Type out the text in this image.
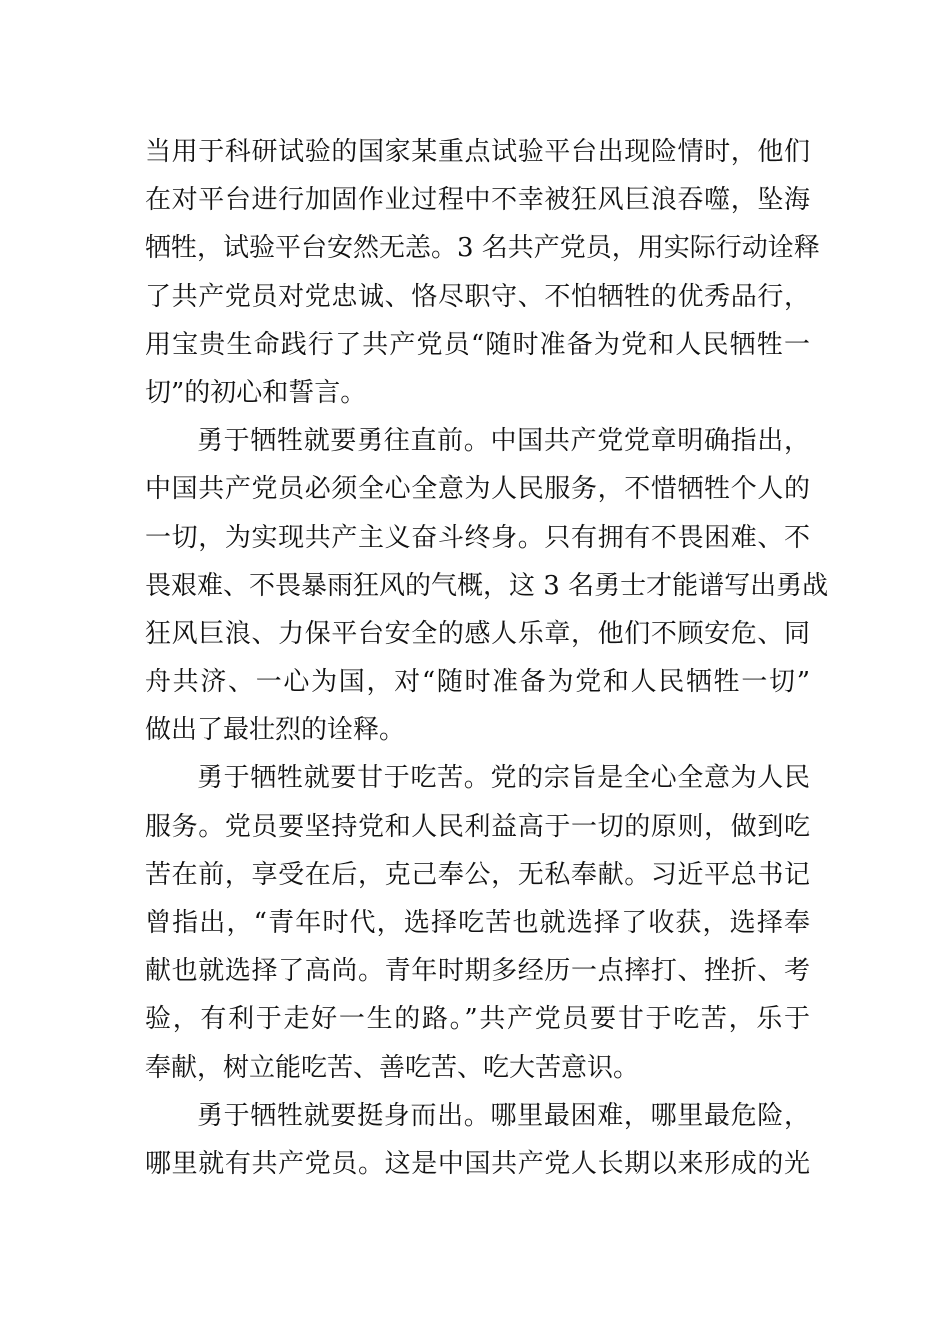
当用于科研试验的国家某重点试验平台出现险情时，他们
在对平台进行加固作业过程中不幸被狂风巨浪吞噬，坠海
牺牲，试验平台安然无恙。3 名共产党员，用实际行动诠释
了共产党员对党忠诚、恪尽职守、不怕牺牲的优秀品行，
用宝贵生命践行了共产党员“随时准备为党和人民牺牲一
切”的初心和誓言。
勇于牺牲就要勇往直前。中国共产党党章明确指出，
中国共产党员必须全心全意为人民服务，不惜牺牲个人的
一切，为实现共产主义奋斗终身。只有拥有不畏困难、不
畏艰难、不畏暴雨狂风的气概，这 3 名勇士才能谱写出勇战
狂风巨浪、力保平台安全的感人乐章，他们不顾安危、同
舟共济、一心为国，对“随时准备为党和人民牺牲一切”
做出了最壮烈的诠释。
勇于牺牲就要甘于吃苦。党的宗旨是全心全意为人民
服务。党员要坚持党和人民利益高于一切的原则，做到吃
苦在前，享受在后，克己奉公，无私奉献。习近平总书记
曾指出，“青年时代，选择吃苦也就选择了收获，选择奉
献也就选择了高尚。青年时期多经历一点摔打、挫折、考
验，有利于走好一生的路。”共产党员要甘于吃苦，乐于
奉献，树立能吃苦、善吃苦、吃大苦意识。
勇于牺牲就要挺身而出。哪里最困难，哪里最危险，
哪里就有共产党员。这是中国共产党人长期以来形成的光
